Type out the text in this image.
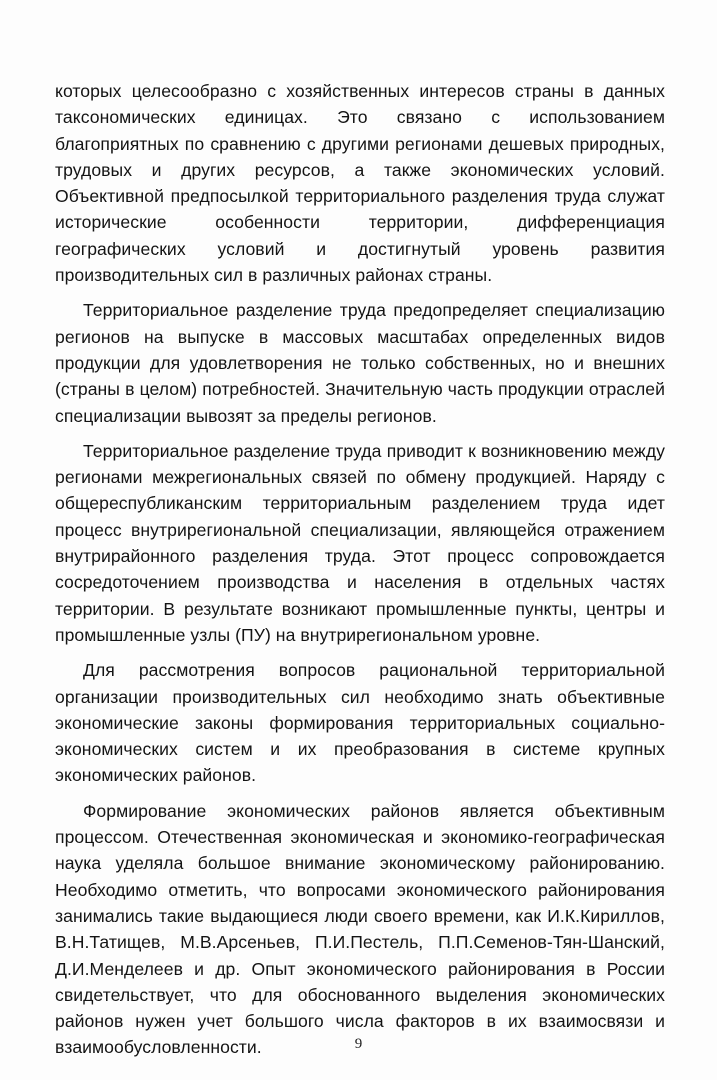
которых целесообразно с хозяйственных интересов страны в данных таксономических единицах. Это связано с использованием благоприятных по сравнению с другими регионами дешевых природных, трудовых и других ресурсов, а также экономических условий. Объективной предпосылкой территориального разделения труда служат исторические особенности территории, дифференциация географических условий и достигнутый уровень развития производительных сил в различных районах страны.

Территориальное разделение труда предопределяет специализацию регионов на выпуске в массовых масштабах определенных видов продукции для удовлетворения не только собственных, но и внешних (страны в целом) потребностей. Значительную часть продукции отраслей специализации вывозят за пределы регионов.

Территориальное разделение труда приводит к возникновению между регионами межрегиональных связей по обмену продукцией. Наряду с общереспубликанским территориальным разделением труда идет процесс внутрирегиональной специализации, являющейся отражением внутрирайонного разделения труда. Этот процесс сопровождается сосредоточением производства и населения в отдельных частях территории. В результате возникают промышленные пункты, центры и промышленные узлы (ПУ) на внутрирегиональном уровне.

Для рассмотрения вопросов рациональной территориальной организации производительных сил необходимо знать объективные экономические законы формирования территориальных социально- экономических систем и их преобразования в системе крупных экономических районов.

Формирование экономических районов является объективным процессом. Отечественная экономическая и экономико-географическая наука уделяла большое внимание экономическому районированию. Необходимо отметить, что вопросами экономического районирования занимались такие выдающиеся люди своего времени, как И.К.Кириллов, В.Н.Татищев, М.В.Арсеньев, П.И.Пестель, П.П.Семенов-Тян-Шанский, Д.И.Менделеев и др. Опыт экономического районирования в России свидетельствует, что для обоснованного выделения экономических районов нужен учет большого числа факторов в их взаимосвязи и взаимообусловленности.	9
